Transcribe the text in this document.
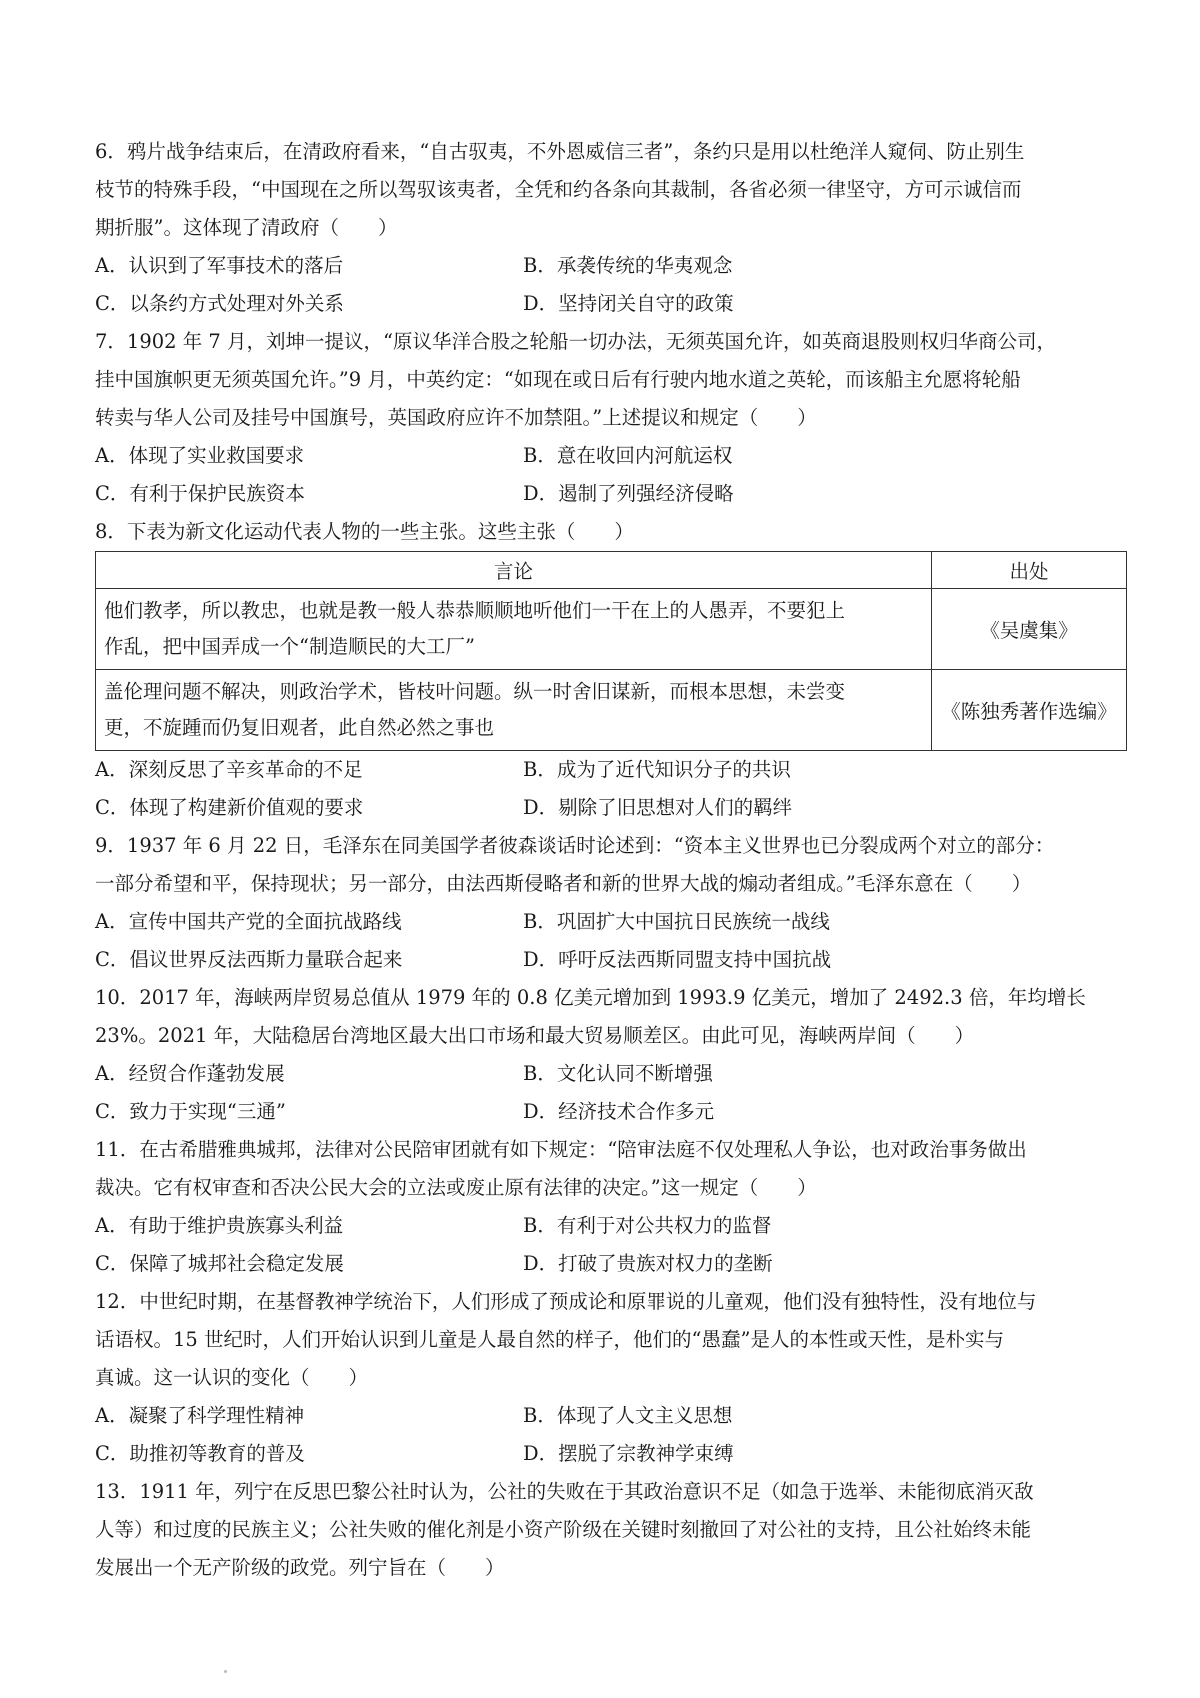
6．鸦片战争结束后，在清政府看来，“自古驭夷，不外恩威信三者”，条约只是用以杜绝洋人窥伺、防止别生
枝节的特殊手段，“中国现在之所以驾驭该夷者，全凭和约各条向其裁制，各省必须一律坚守，方可示诚信而
期折服”。这体现了清政府（　　）
A．认识到了军事技术的落后	B．承袭传统的华夷观念
C．以条约方式处理对外关系	D．坚持闭关自守的政策
7．1902 年 7 月，刘坤一提议，“原议华洋合股之轮船一切办法，无须英国允许，如英商退股则权归华商公司，
挂中国旗帜更无须英国允许。”9 月，中英约定：“如现在或日后有行驶内地水道之英轮，而该船主允愿将轮船
转卖与华人公司及挂号中国旗号，英国政府应许不加禁阻。”上述提议和规定（　　）
A．体现了实业救国要求	B．意在收回内河航运权
C．有利于保护民族资本	D．遏制了列强经济侵略
8．下表为新文化运动代表人物的一些主张。这些主张（　　）
言论	出处

他们教孝，所以教忠，也就是教一般人恭恭顺顺地听他们一干在上的人愚弄，不要犯上
作乱，把中国弄成一个“制造顺民的大工厂”	《吴虞集》

盖伦理问题不解决，则政治学术，皆枝叶问题。纵一时舍旧谋新，而根本思想，未尝变
更，不旋踵而仍复旧观者，此自然必然之事也	《陈独秀著作选编》
A．深刻反思了辛亥革命的不足	B．成为了近代知识分子的共识
C．体现了构建新价值观的要求	D．剔除了旧思想对人们的羁绊
9．1937 年 6 月 22 日，毛泽东在同美国学者彼森谈话时论述到：“资本主义世界也已分裂成两个对立的部分：
一部分希望和平，保持现状；另一部分，由法西斯侵略者和新的世界大战的煽动者组成。”毛泽东意在（　　）
A．宣传中国共产党的全面抗战路线	B．巩固扩大中国抗日民族统一战线
C．倡议世界反法西斯力量联合起来	D．呼吁反法西斯同盟支持中国抗战
10．2017 年，海峡两岸贸易总值从 1979 年的 0.8 亿美元增加到 1993.9 亿美元，增加了 2492.3 倍，年均增长
23%。2021 年，大陆稳居台湾地区最大出口市场和最大贸易顺差区。由此可见，海峡两岸间（　　）
A．经贸合作蓬勃发展	B．文化认同不断增强
C．致力于实现“三通”	D．经济技术合作多元
11．在古希腊雅典城邦，法律对公民陪审团就有如下规定：“陪审法庭不仅处理私人争讼，也对政治事务做出
裁决。它有权审查和否决公民大会的立法或废止原有法律的决定。”这一规定（　　）
A．有助于维护贵族寡头利益	B．有利于对公共权力的监督
C．保障了城邦社会稳定发展	D．打破了贵族对权力的垄断
12．中世纪时期，在基督教神学统治下，人们形成了预成论和原罪说的儿童观，他们没有独特性，没有地位与
话语权。15 世纪时，人们开始认识到儿童是人最自然的样子，他们的“愚蠢”是人的本性或天性，是朴实与
真诚。这一认识的变化（　　）
A．凝聚了科学理性精神	B．体现了人文主义思想
C．助推初等教育的普及	D．摆脱了宗教神学束缚
13．1911 年，列宁在反思巴黎公社时认为，公社的失败在于其政治意识不足（如急于选举、未能彻底消灭敌
人等）和过度的民族主义；公社失败的催化剂是小资产阶级在关键时刻撤回了对公社的支持，且公社始终未能
发展出一个无产阶级的政党。列宁旨在（　　）
